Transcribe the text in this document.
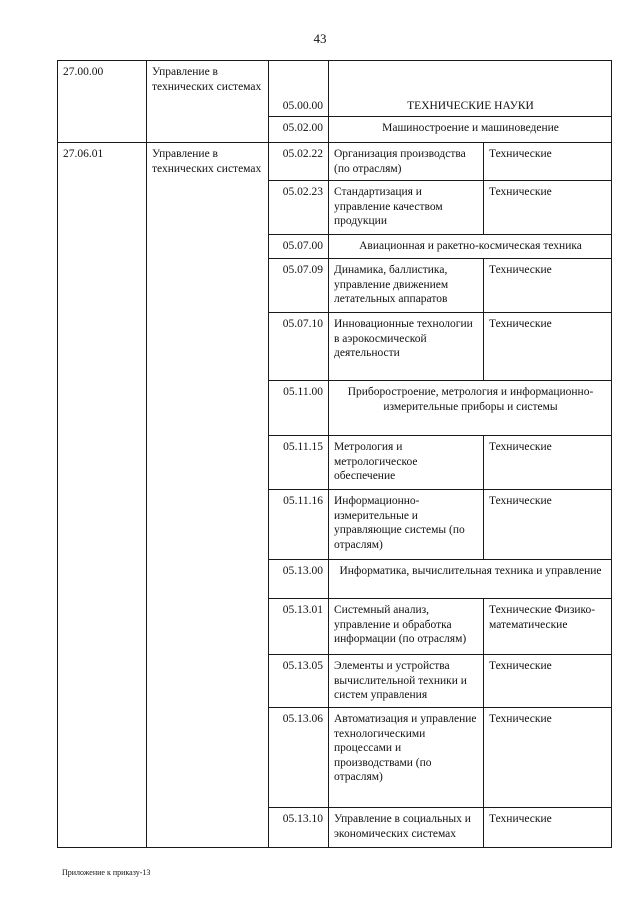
43
27.00.00	Управление в технических системах	05.00.00	ТЕХНИЧЕСКИЕ НАУКИ	
		05.02.00	Машиностроение и машиноведение	
27.06.01	Управление в технических системах	05.02.22	Организация производства (по отраслям)	Технические
		05.02.23	Стандартизация и управление качеством продукции	Технические
		05.07.00	Авиационная и ракетно-космическая техника	
		05.07.09	Динамика, баллистика, управление движением летательных аппаратов	Технические
		05.07.10	Инновационные технологии в аэрокосмической деятельности	Технические
		05.11.00	Приборостроение, метрология и информационно-измерительные приборы и системы	
		05.11.15	Метрология и метрологическое обеспечение	Технические
		05.11.16	Информационно-измерительные и управляющие системы (по отраслям)	Технические
		05.13.00	Информатика, вычислительная техника и управление	
		05.13.01	Системный анализ, управление и обработка информации (по отраслям)	Технические Физико-математические
		05.13.05	Элементы и устройства вычислительной техники и систем управления	Технические
		05.13.06	Автоматизация и управление технологическими процессами и производствами (по отраслям)	Технические
		05.13.10	Управление в социальных и экономических системах	Технические
Приложение к приказу-13
